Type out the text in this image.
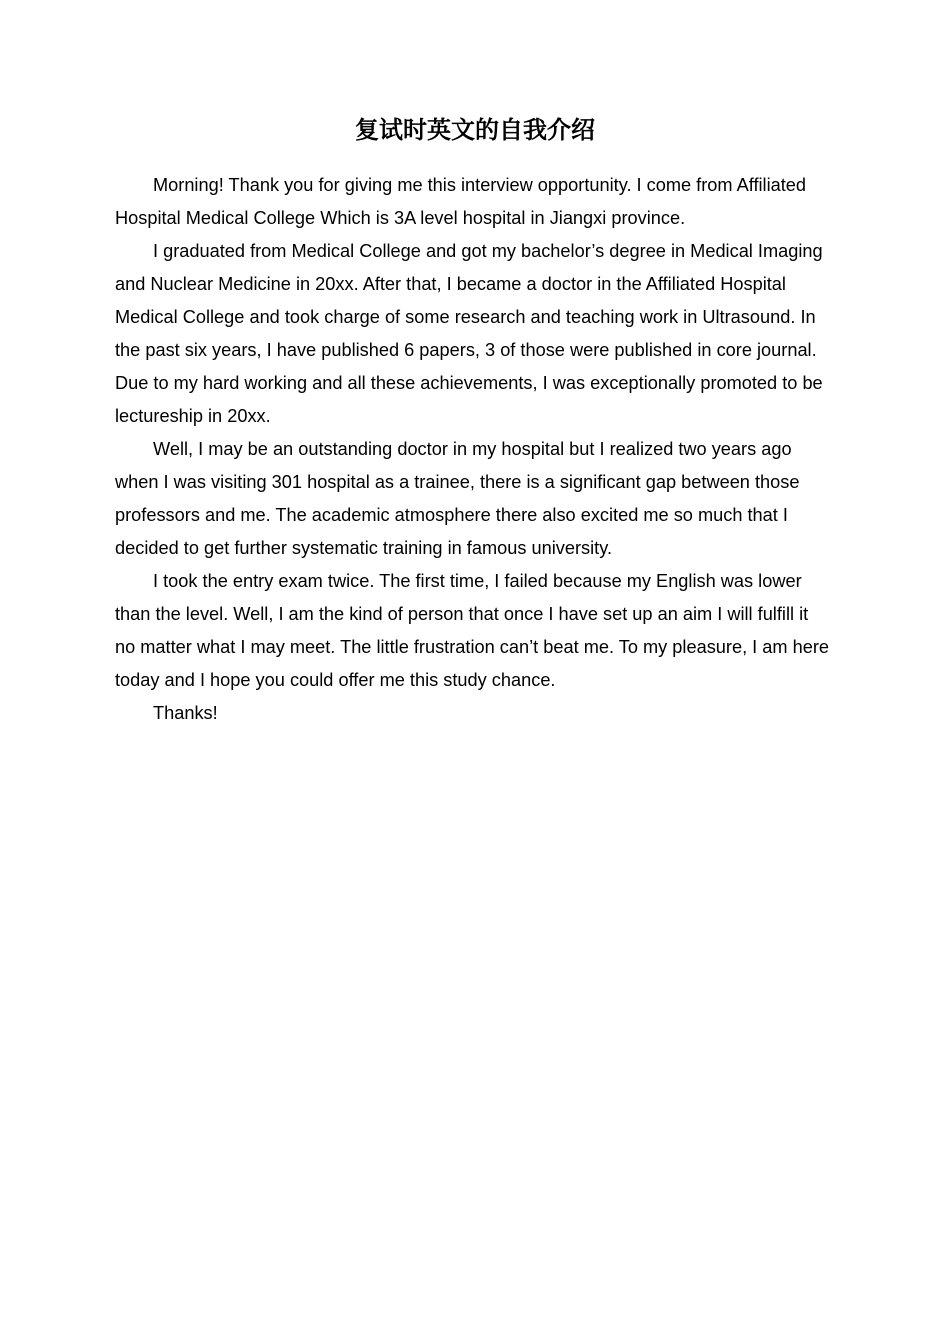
复试时英文的自我介绍

Morning! Thank you for giving me this interview opportunity. I come from Affiliated Hospital Medical College Which is 3A level hospital in Jiangxi province.

I graduated from Medical College and got my bachelor’s degree in Medical Imaging and Nuclear Medicine in 20xx. After that, I became a doctor in the Affiliated Hospital Medical College and took charge of some research and teaching work in Ultrasound. In the past six years, I have published 6 papers, 3 of those were published in core journal. Due to my hard working and all these achievements, I was exceptionally promoted to be lectureship in 20xx.

Well, I may be an outstanding doctor in my hospital but I realized two years ago when I was visiting 301 hospital as a trainee, there is a significant gap between those professors and me. The academic atmosphere there also excited me so much that I decided to get further systematic training in famous university.

I took the entry exam twice. The first time, I failed because my English was lower than the level. Well, I am the kind of person that once I have set up an aim I will fulfill it no matter what I may meet. The little frustration can’t beat me. To my pleasure, I am here today and I hope you could offer me this study chance.

Thanks!
